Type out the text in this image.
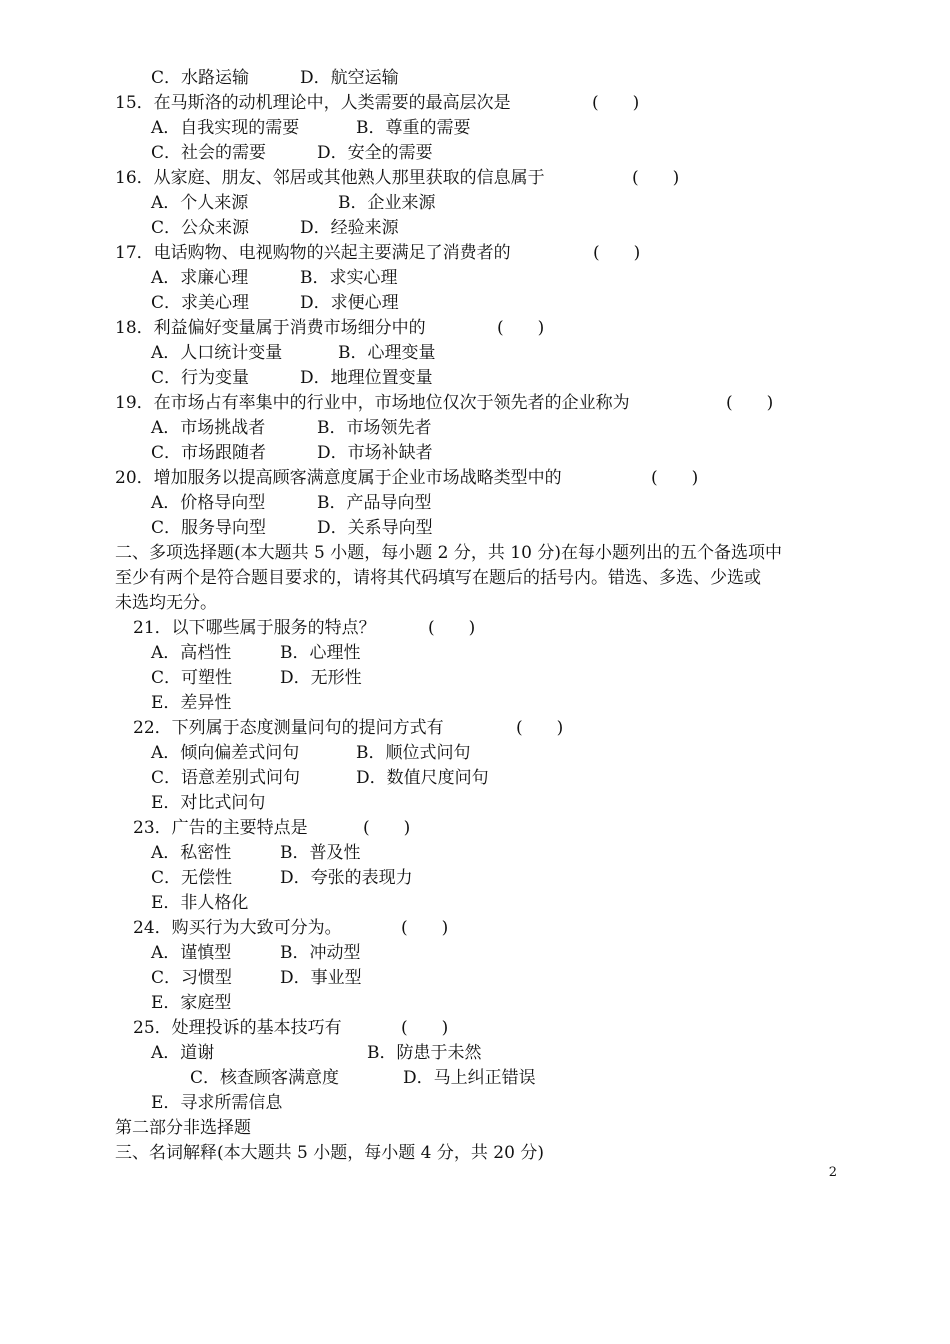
C．水路运输	D．航空运输
15．在马斯洛的动机理论中，人类需要的最高层次是	(　　)
A．自我实现的需要	B．尊重的需要
C．社会的需要	D．安全的需要
16．从家庭、朋友、邻居或其他熟人那里获取的信息属于	(　　)
A．个人来源	B．企业来源
C．公众来源	D．经验来源
17．电话购物、电视购物的兴起主要满足了消费者的	(　　)
A．求廉心理	B．求实心理
C．求美心理	D．求便心理
18．利益偏好变量属于消费市场细分中的	(　　)
A．人口统计变量	B．心理变量
C．行为变量	D．地理位置变量
19．在市场占有率集中的行业中，市场地位仅次于领先者的企业称为	(　　)
A．市场挑战者	B．市场领先者
C．市场跟随者	D．市场补缺者
20．增加服务以提高顾客满意度属于企业市场战略类型中的	(　　)
A．价格导向型	B．产品导向型
C．服务导向型	D．关系导向型
二、多项选择题(本大题共 5 小题，每小题 2 分，共 10 分)在每小题列出的五个备选项中
至少有两个是符合题目要求的，请将其代码填写在题后的括号内。错选、多选、少选或
未选均无分。
21．以下哪些属于服务的特点？	(　　)
A．高档性	B．心理性
C．可塑性	D．无形性
E．差异性
22．下列属于态度测量问句的提问方式有	(　　)
A．倾向偏差式问句	B．顺位式问句
C．语意差别式问句	D．数值尺度问句
E．对比式问句
23．广告的主要特点是	(　　)
A．私密性	B．普及性
C．无偿性	D．夸张的表现力
E．非人格化
24．购买行为大致可分为。	(　　)
A．谨慎型	B．冲动型
C．习惯型	D．事业型
E．家庭型
25．处理投诉的基本技巧有	(　　)
A．道谢	B．防患于未然
C．核查顾客满意度	D．马上纠正错误
E．寻求所需信息
第二部分非选择题
三、名词解释(本大题共 5 小题，每小题 4 分，共 20 分)
2
